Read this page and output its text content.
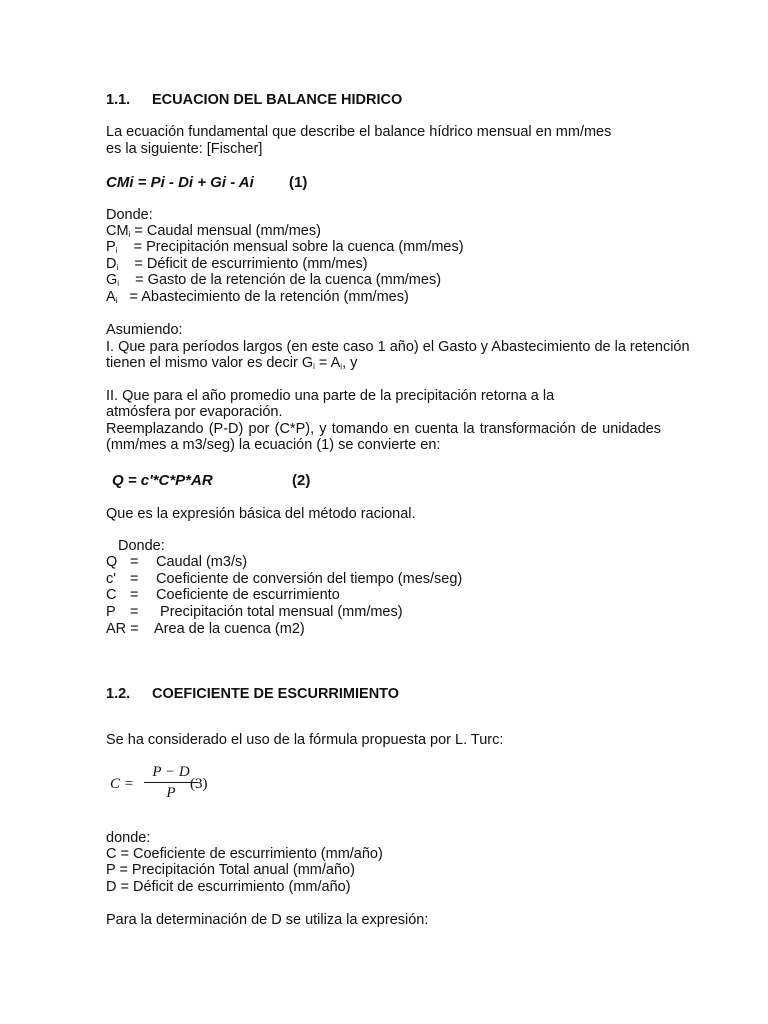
1.1. ECUACION DEL BALANCE HIDRICO
La ecuación fundamental que describe el balance hídrico mensual en mm/mes
es la siguiente: [Fischer]
CMi = Pi - Di + Gi - Ai (1)
Donde:
$CM_i$ = Caudal mensual (mm/mes)
$P_i$    = Precipitación mensual sobre la cuenca (mm/mes)
$D_i$    = Déficit de escurrimiento (mm/mes)
$G_i$    = Gasto de la retención de la cuenca (mm/mes)
$A_i$   = Abastecimiento de la retención (mm/mes)
Asumiendo:
I. Que para períodos largos (en este caso 1 año) el Gasto y Abastecimiento de la retención
tienen el mismo valor es decir $G_i = A_i$, y
II. Que para el año promedio una parte de la precipitación retorna a la
atmósfera por evaporación.
Reemplazando (P-D) por (C*P), y tomando en cuenta la transformación de unidades
(mm/mes a m3/seg) la ecuación (1) se convierte en:
Q = c'*C*P*AR	(2)
Que es la expresión básica del método racional.
Donde:
Q = Caudal (m3/s)
c' = Coeficiente de conversión del tiempo (mes/seg)
C = Coeficiente de escurrimiento
P = Precipitación total mensual (mm/mes)
AR = Area de la cuenca (m2)
1.2. COEFICIENTE DE ESCURRIMIENTO
Se ha considerado el uso de la fórmula propuesta por L. Turc:
C =
P − D
P
(3)
donde:
C = Coeficiente de escurrimiento (mm/año)
P = Precipitación Total anual (mm/año)
D = Déficit de escurrimiento (mm/año)
Para la determinación de D se utiliza la expresión:
